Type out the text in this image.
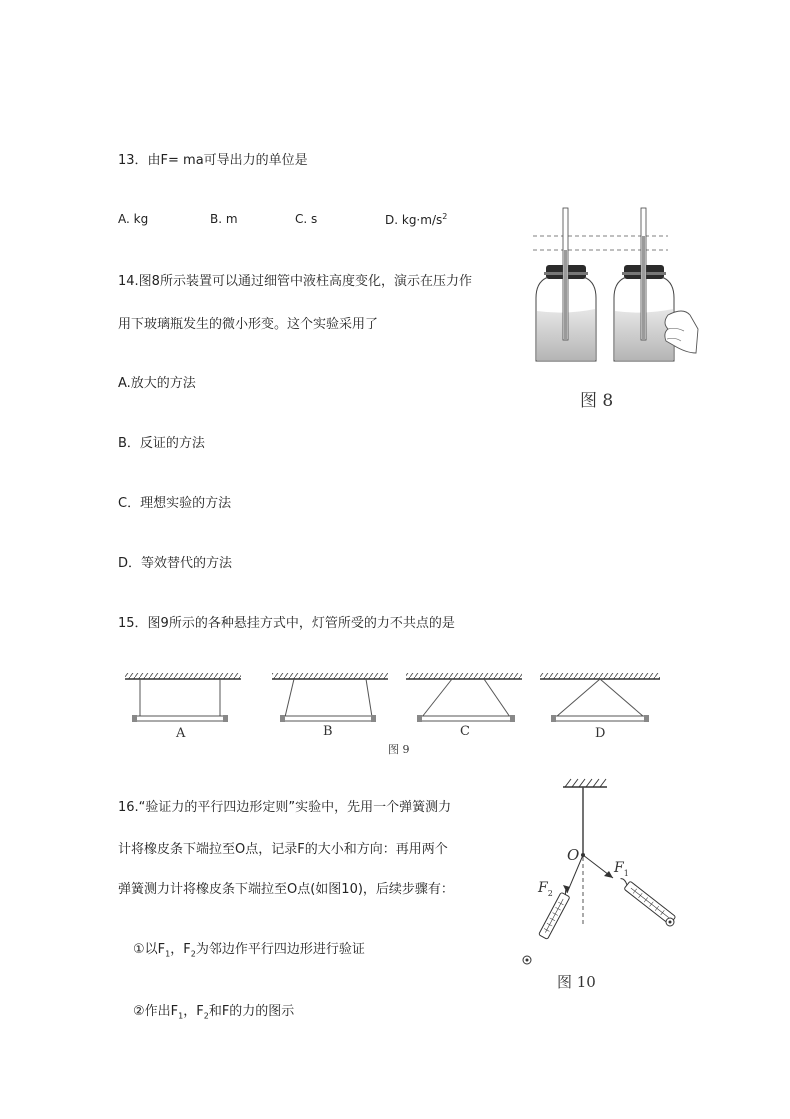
13．由F= ma可导出力的单位是
A. kg	B. m	C. s	D. $kg\cdot m/s^2$
14.图8所示装置可以通过细管中液柱高度变化，演示在压力作
用下玻璃瓶发生的微小形变。这个实验采用了
A.放大的方法
B．反证的方法
C．理想实验的方法
D．等效替代的方法
图 8
15．图9所示的各种悬挂方式中，灯管所受的力不共点的是
A	B	C	D
图 9
16.“验证力的平行四边形定则”实验中，先用一个弹簧测力
计将橡皮条下端拉至O点，记录F的大小和方向：再用两个
弹簧测力计将橡皮条下端拉至O点(如图10)，后续步骤有：
①以$F_1$，$F_2$为邻边作平行四边形进行验证
②作出$F_1$，$F_2$和F的力的图示
O
$F_1$
$F_2$
图 10
